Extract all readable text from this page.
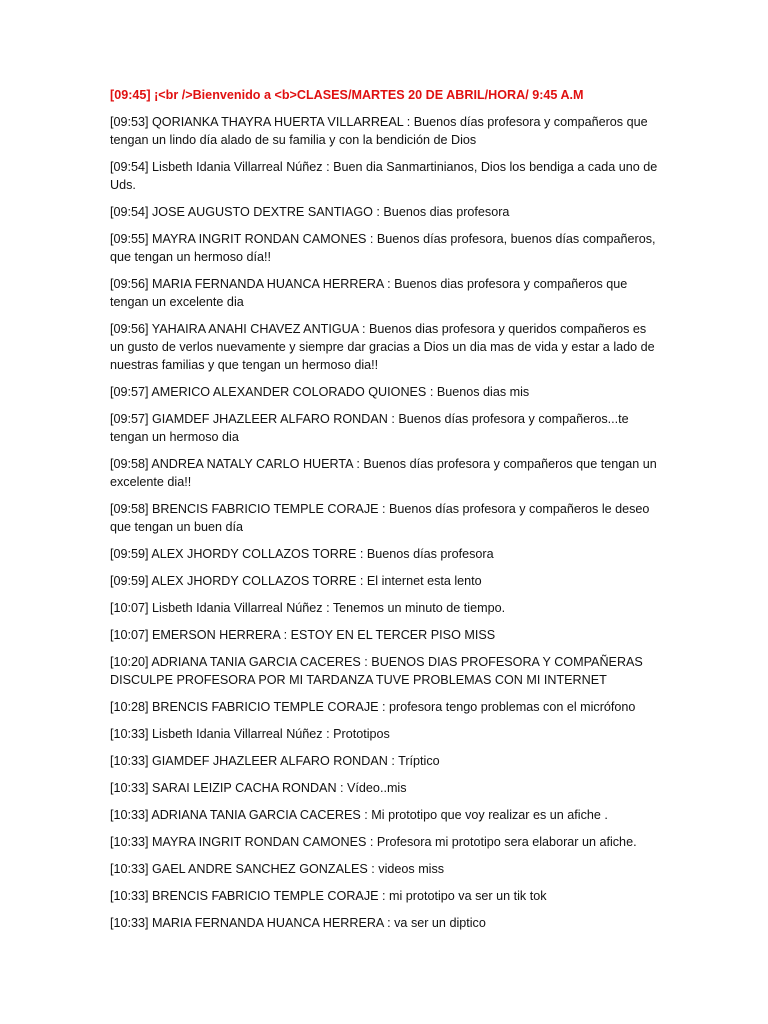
[09:45] ¡<br />Bienvenido a <b>CLASES/MARTES 20 DE ABRIL/HORA/ 9:45 A.M

[09:53] QORIANKA THAYRA HUERTA VILLARREAL : Buenos días profesora y compañeros que tengan un lindo día alado de su familia y con la bendición de Dios

[09:54] Lisbeth Idania Villarreal Núñez : Buen dia Sanmartinianos, Dios los bendiga a cada uno de Uds.

[09:54] JOSE AUGUSTO DEXTRE SANTIAGO : Buenos dias profesora

[09:55] MAYRA INGRIT RONDAN CAMONES : Buenos días profesora, buenos días compañeros, que tengan un hermoso día!!

[09:56] MARIA FERNANDA HUANCA HERRERA : Buenos dias profesora y compañeros que tengan un excelente dia

[09:56] YAHAIRA ANAHI CHAVEZ ANTIGUA : Buenos dias profesora y queridos compañeros es un gusto de verlos nuevamente y siempre dar gracias a Dios un dia mas de vida y estar a lado de nuestras familias y que tengan un hermoso dia!!

[09:57] AMERICO ALEXANDER COLORADO QUIONES : Buenos dias mis

[09:57] GIAMDEF JHAZLEER ALFARO RONDAN : Buenos días profesora y compañeros...te tengan un hermoso dia

[09:58] ANDREA NATALY CARLO HUERTA : Buenos días profesora y compañeros que tengan un excelente dia!!

[09:58] BRENCIS FABRICIO TEMPLE CORAJE : Buenos días profesora y compañeros le deseo que tengan un buen día

[09:59] ALEX JHORDY COLLAZOS TORRE : Buenos días profesora

[09:59] ALEX JHORDY COLLAZOS TORRE : El internet esta lento

[10:07] Lisbeth Idania Villarreal Núñez : Tenemos un minuto de tiempo.

[10:07] EMERSON HERRERA : ESTOY EN EL TERCER PISO MISS

[10:20] ADRIANA TANIA GARCIA CACERES : BUENOS DIAS PROFESORA Y COMPAÑERAS DISCULPE PROFESORA POR MI TARDANZA TUVE PROBLEMAS CON MI INTERNET

[10:28] BRENCIS FABRICIO TEMPLE CORAJE : profesora tengo problemas con el micrófono

[10:33] Lisbeth Idania Villarreal Núñez : Prototipos

[10:33] GIAMDEF JHAZLEER ALFARO RONDAN : Tríptico

[10:33] SARAI LEIZIP CACHA RONDAN : Vídeo..mis

[10:33] ADRIANA TANIA GARCIA CACERES : Mi prototipo que voy realizar es un afiche .

[10:33] MAYRA INGRIT RONDAN CAMONES : Profesora mi prototipo sera elaborar un afiche.

[10:33] GAEL ANDRE SANCHEZ GONZALES : videos miss

[10:33] BRENCIS FABRICIO TEMPLE CORAJE : mi prototipo va ser un tik tok

[10:33] MARIA FERNANDA HUANCA HERRERA : va ser un diptico
